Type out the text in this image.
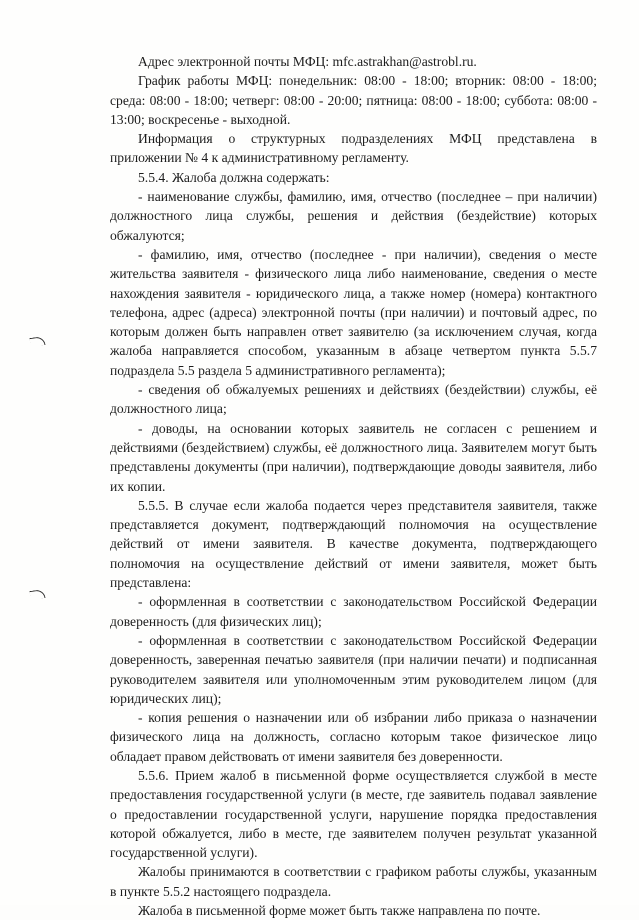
Адрес электронной почты МФЦ: mfc.astrakhan@astrobl.ru.

График работы МФЦ: понедельник: 08:00 - 18:00; вторник: 08:00 - 18:00; среда: 08:00 - 18:00; четверг: 08:00 - 20:00; пятница: 08:00 - 18:00; суббота: 08:00 - 13:00; воскресенье - выходной.

Информация о структурных подразделениях МФЦ представлена в приложении № 4 к административному регламенту.

5.5.4. Жалоба должна содержать:

- наименование службы, фамилию, имя, отчество (последнее – при наличии) должностного лица службы, решения и действия (бездействие) которых обжалуются;

- фамилию, имя, отчество (последнее - при наличии), сведения о месте жительства заявителя - физического лица либо наименование, сведения о месте нахождения заявителя - юридического лица, а также номер (номера) контактного телефона, адрес (адреса) электронной почты (при наличии) и почтовый адрес, по которым должен быть направлен ответ заявителю (за исключением случая, когда жалоба направляется способом, указанным в абзаце четвертом пункта 5.5.7 подраздела 5.5 раздела 5 административного регламента);

- сведения об обжалуемых решениях и действиях (бездействии) службы, её должностного лица;

- доводы, на основании которых заявитель не согласен с решением и действиями (бездействием) службы, её должностного лица. Заявителем могут быть представлены документы (при наличии), подтверждающие доводы заявителя, либо их копии.

5.5.5. В случае если жалоба подается через представителя заявителя, также представляется документ, подтверждающий полномочия на осуществление действий от имени заявителя. В качестве документа, подтверждающего полномочия на осуществление действий от имени заявителя, может быть представлена:

- оформленная в соответствии с законодательством Российской Федерации доверенность (для физических лиц);

- оформленная в соответствии с законодательством Российской Федерации доверенность, заверенная печатью заявителя (при наличии печати) и подписанная руководителем заявителя или уполномоченным этим руководителем лицом (для юридических лиц);

- копия решения о назначении или об избрании либо приказа о назначении физического лица на должность, согласно которым такое физическое лицо обладает правом действовать от имени заявителя без доверенности.

5.5.6. Прием жалоб в письменной форме осуществляется службой в месте предоставления государственной услуги (в месте, где заявитель подавал заявление о предоставлении государственной услуги, нарушение порядка предоставления которой обжалуется, либо в месте, где заявителем получен результат указанной государственной услуги).

Жалобы принимаются в соответствии с графиком работы службы, указанным в пункте 5.5.2 настоящего подраздела.

Жалоба в письменной форме может быть также направлена по почте.
